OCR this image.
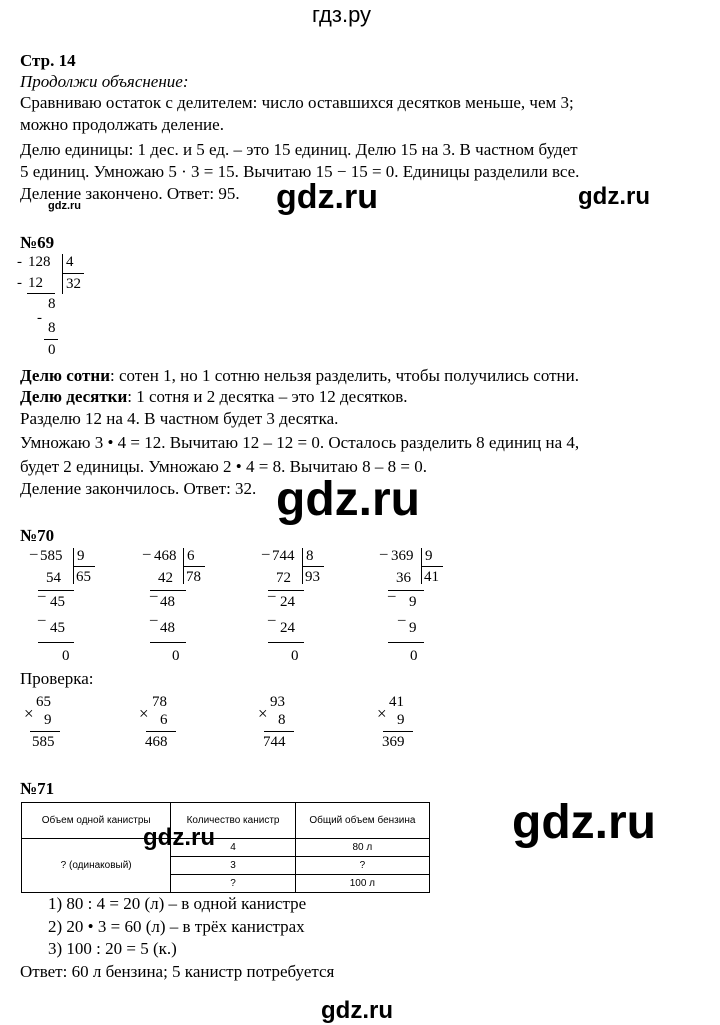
гдз.ру
Стр. 14
Продолжи объяснение:
Сравниваю остаток с делителем: число оставшихся десятков меньше, чем 3;
можно продолжать деление.
Делю единицы: 1 дес. и 5 ед. – это 15 единиц. Делю 15 на 3. В частном будет
5 единиц. Умножаю 5 · 3 = 15. Вычитаю 15 − 15 = 0. Единицы разделили все.
Деление закончено. Ответ: 95.
gdz.ru	gdz.ru	gdz.ru
gdz.ru
gdz.ru
gdz.ru
gdz.ru
№69
- 128 4
- 12 32
8
-
8
0
Делю сотни: сотен 1, но 1 сотню нельзя разделить, чтобы получились сотни.
Делю десятки: 1 сотня и 2 десятка – это 12 десятков.
Разделю 12 на 4. В частном будет 3 десятка.
Умножаю 3 • 4 = 12. Вычитаю 12 – 12 = 0. Осталось разделить 8 единиц на 4,
будет 2 единицы. Умножаю 2 • 4 = 8. Вычитаю 8 – 8 = 0.
Деление закончилось. Ответ: 32.
№70
– 585 9
54 65
– 45
– 45
0
– 468 6
42 78
– 48
– 48
0
– 744 8
72 93
– 24
– 24
0
– 369 9
36 41
– 9
– 9
0
Проверка:
65
× 9
585
78
× 6
468
93
× 8
744
41
× 9
369
№71
Объем одной канистры	Количество канистр	Общий объем бензина
? (одинаковый)	4	80 л
	3	?
	?	100 л
1) 80 : 4 = 20 (л) – в одной канистре
2) 20 • 3 = 60 (л) – в трёх канистрах
3) 100 : 20 = 5 (к.)
Ответ: 60 л бензина; 5 канистр потребуется
